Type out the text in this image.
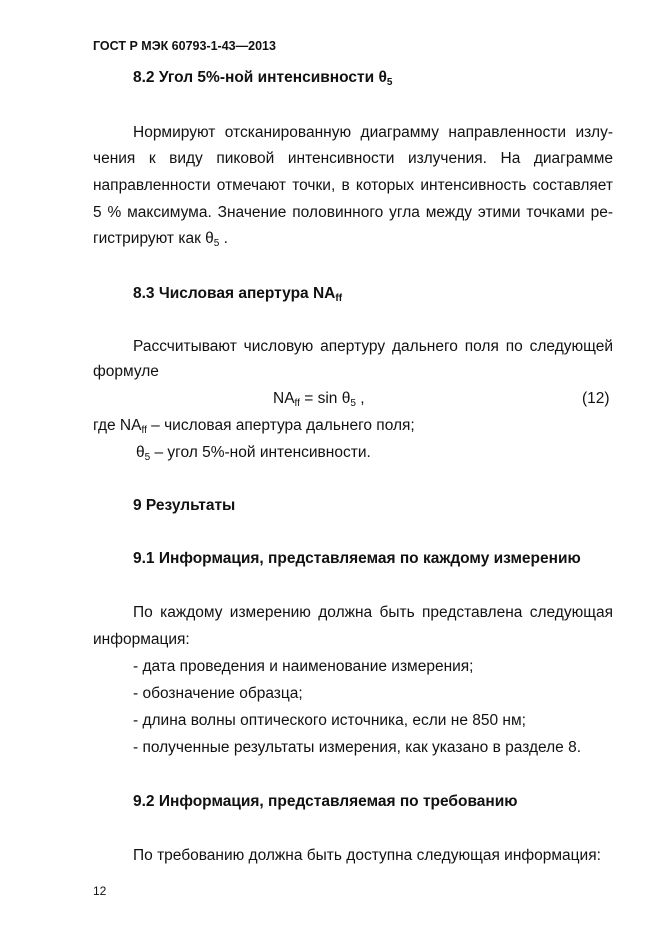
ГОСТ Р МЭК 60793-1-43—2013
8.2 Угол 5%-ной интенсивности $\theta_5$
Нормируют отсканированную диаграмму направленности излу-
чения к виду пиковой интенсивности излучения. На диаграмме
направленности отмечают точки, в которых интенсивность составляет
5 % максимума. Значение половинного угла между этими точками ре-
гистрируют как $\theta_5$ .
8.3 Числовая апертура $NA_{ff}$
Рассчитывают числовую апертуру дальнего поля по следующей
формуле
$NA_{ff} = \sin \theta_5$ ,	(12)
где $NA_{ff}$ – числовая апертура дальнего поля;
$\theta_5$ – угол 5%-ной интенсивности.
9 Результаты
9.1 Информация, представляемая по каждому измерению
По каждому измерению должна быть представлена следующая
информация:
- дата проведения и наименование измерения;
- обозначение образца;
- длина волны оптического источника, если не 850 нм;
- полученные результаты измерения, как указано в разделе 8.
9.2 Информация, представляемая по требованию
По требованию должна быть доступна следующая информация:
12
